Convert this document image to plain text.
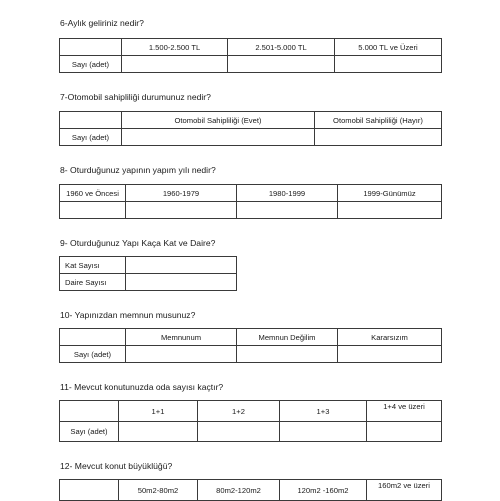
6-Aylık geliriniz nedir?
	1.500-2.500 TL	2.501-5.000 TL	5.000 TL ve Üzeri
Sayı (adet)			
7-Otomobil sahipliliği durumunuz nedir?
	Otomobil Sahipliliği (Evet)	Otomobil Sahipliliği (Hayır)
Sayı (adet)		
8- Oturduğunuz yapının yapım yılı nedir?
1960 ve Öncesi	1960-1979	1980-1999	1999-Günümüz

9- Oturduğunuz Yapı Kaça Kat ve Daire?
Kat Sayısı	
Daire Sayısı	
10- Yapınızdan memnun musunuz?
	Memnunum	Memnun Değilim	Kararsızım
Sayı (adet)			
11- Mevcut konutunuzda oda sayısı kaçtır?
	1+1	1+2	1+3	1+4 ve üzeri
Sayı (adet)				
12- Mevcut konut büyüklüğü?
	50m2-80m2	80m2-120m2	120m2 -160m2	160m2 ve üzeri
